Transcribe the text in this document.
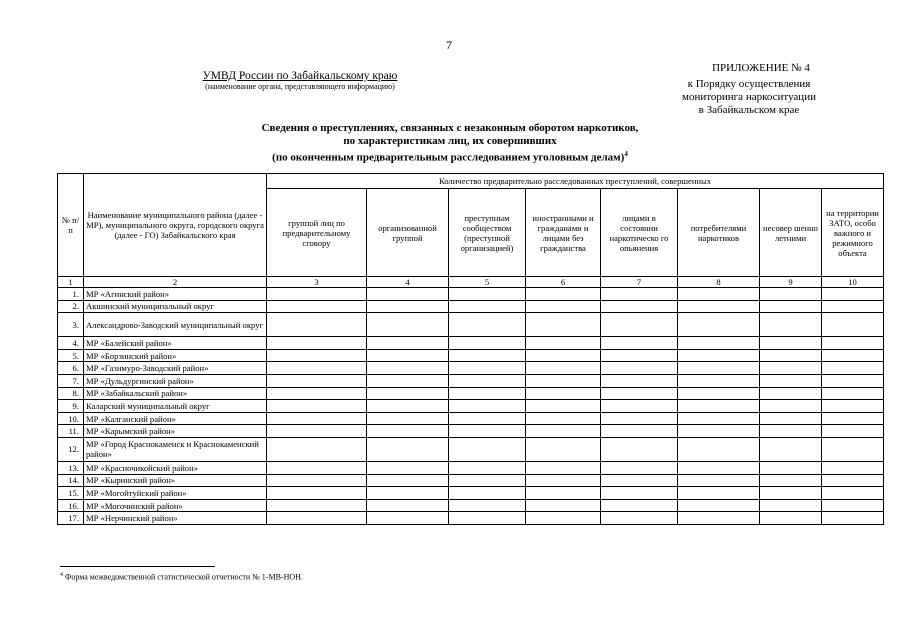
7
ПРИЛОЖЕНИЕ № 4
к Порядку осуществления
мониторинга наркоситуации
в Забайкальском крае
УМВД России по Забайкальскому краю
(наименование органа, представляющего информацию)
Сведения о преступлениях, связанных с незаконным оборотом наркотиков,
по характеристикам лиц, их совершивших
(по оконченным предварительным расследованием уголовным делам)$^4$
№ п/п	Наименование муниципального района (далее - МР), муниципального округа, городского округа (далее - ГО) Забайкальского края	Количество предварительно расследованных преступлений, совершенных							
		группой лиц по предварительному сговору	организованной группой	преступным сообществом (преступной организацией)	иностранными и гражданами и лицами без гражданства	лицами в состоянии наркотическо го опьянения	потребителями наркотиков	несовер шенно летними	на территории ЗАТО, особо важного и режимного объекта
1	2	3	4	5	6	7	8	9	10
1.	МР «Агинский район»								
2.	Акшинский муниципальный округ								
3.	Александрово-Заводский муниципальный округ								
4.	МР «Балейский район»								
5.	МР «Борзинский район»								
6.	МР «Газимуро-Заводский район»								
7.	МР «Дульдургинский район»								
8.	МР «Забайкальский район»								
9.	Каларский муниципальный округ								
10.	МР «Калганский район»								
11.	МР «Карымский район»								
12.	МР «Город Краснокаменск и Краснокаменский район»								
13.	МР «Красночикойский район»								
14.	МР «Кыринский район»								
15.	МР «Могойтуйский район»								
16.	МР «Могочинский район»								
17.	МР «Нерчинский район»								
$^4$ Форма межведомственной статистической отчетности № 1-МВ-НОН.
